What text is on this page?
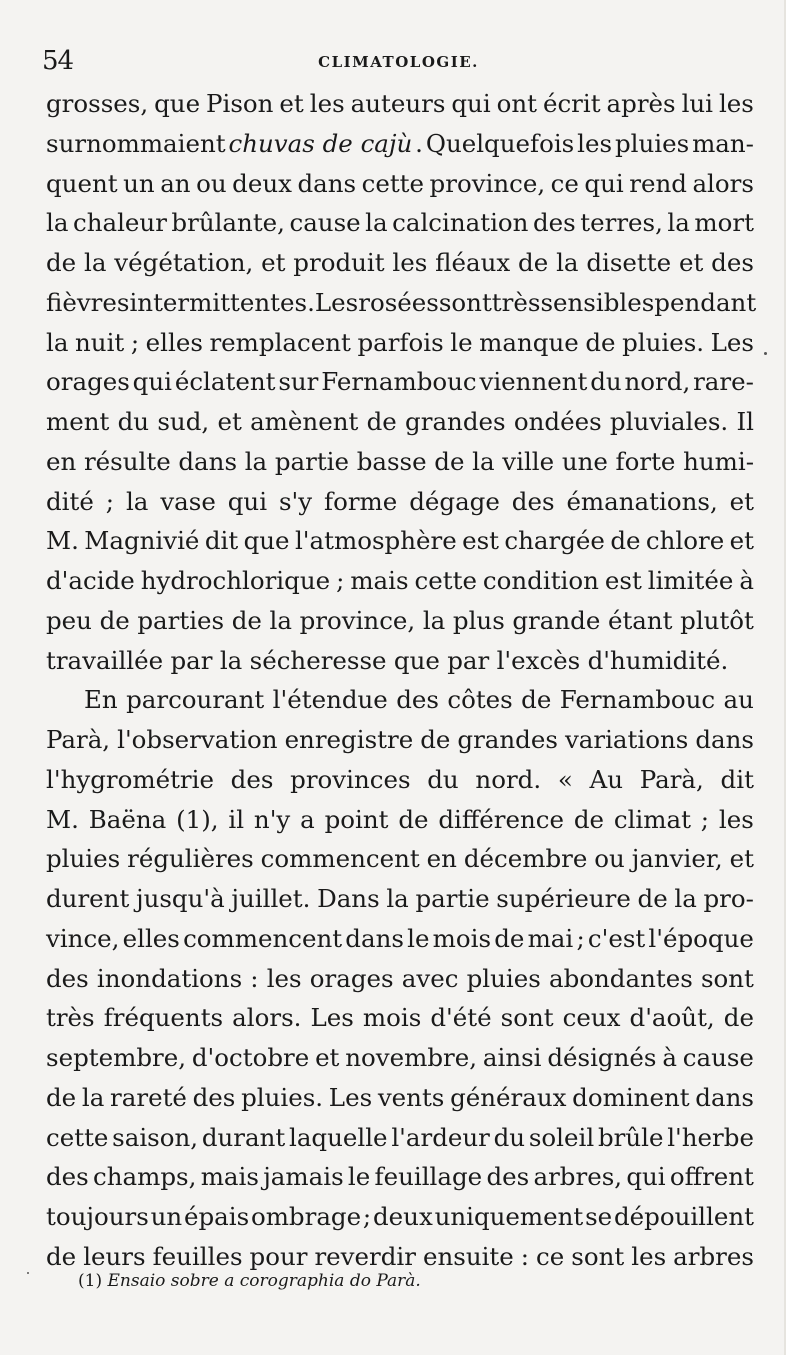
54	CLIMATOLOGIE.
grosses, que Pison et les auteurs qui ont écrit après lui les
surnommaient chuvas de cajù . Quelquefois les pluies man-
quent un an ou deux dans cette province, ce qui rend alors
la chaleur brûlante, cause la calcination des terres, la mort
de la végétation, et produit les fléaux de la disette et des
fièvres intermittentes. Les rosées sont très sensibles pendant
la nuit ; elles remplacent parfois le manque de pluies. Les
orages qui éclatent sur Fernambouc viennent du nord, rare-
ment du sud, et amènent de grandes ondées pluviales. Il
en résulte dans la partie basse de la ville une forte humi-
dité ; la vase qui s'y forme dégage des émanations, et
M. Magnivié dit que l'atmosphère est chargée de chlore et
d'acide hydrochlorique ; mais cette condition est limitée à
peu de parties de la province, la plus grande étant plutôt
travaillée par la sécheresse que par l'excès d'humidité.
En parcourant l'étendue des côtes de Fernambouc au
Parà, l'observation enregistre de grandes variations dans
l'hygrométrie des provinces du nord. « Au Parà, dit
M. Baëna (1), il n'y a point de différence de climat ; les
pluies régulières commencent en décembre ou janvier, et
durent jusqu'à juillet. Dans la partie supérieure de la pro-
vince, elles commencent dans le mois de mai ; c'est l'époque
des inondations : les orages avec pluies abondantes sont
très fréquents alors. Les mois d'été sont ceux d'août, de
septembre, d'octobre et novembre, ainsi désignés à cause
de la rareté des pluies. Les vents généraux dominent dans
cette saison, durant laquelle l'ardeur du soleil brûle l'herbe
des champs, mais jamais le feuillage des arbres, qui offrent
toujours un épais ombrage ; deux uniquement se dépouillent
de leurs feuilles pour reverdir ensuite : ce sont les arbres
(1) Ensaio sobre a corographia do Parà.
